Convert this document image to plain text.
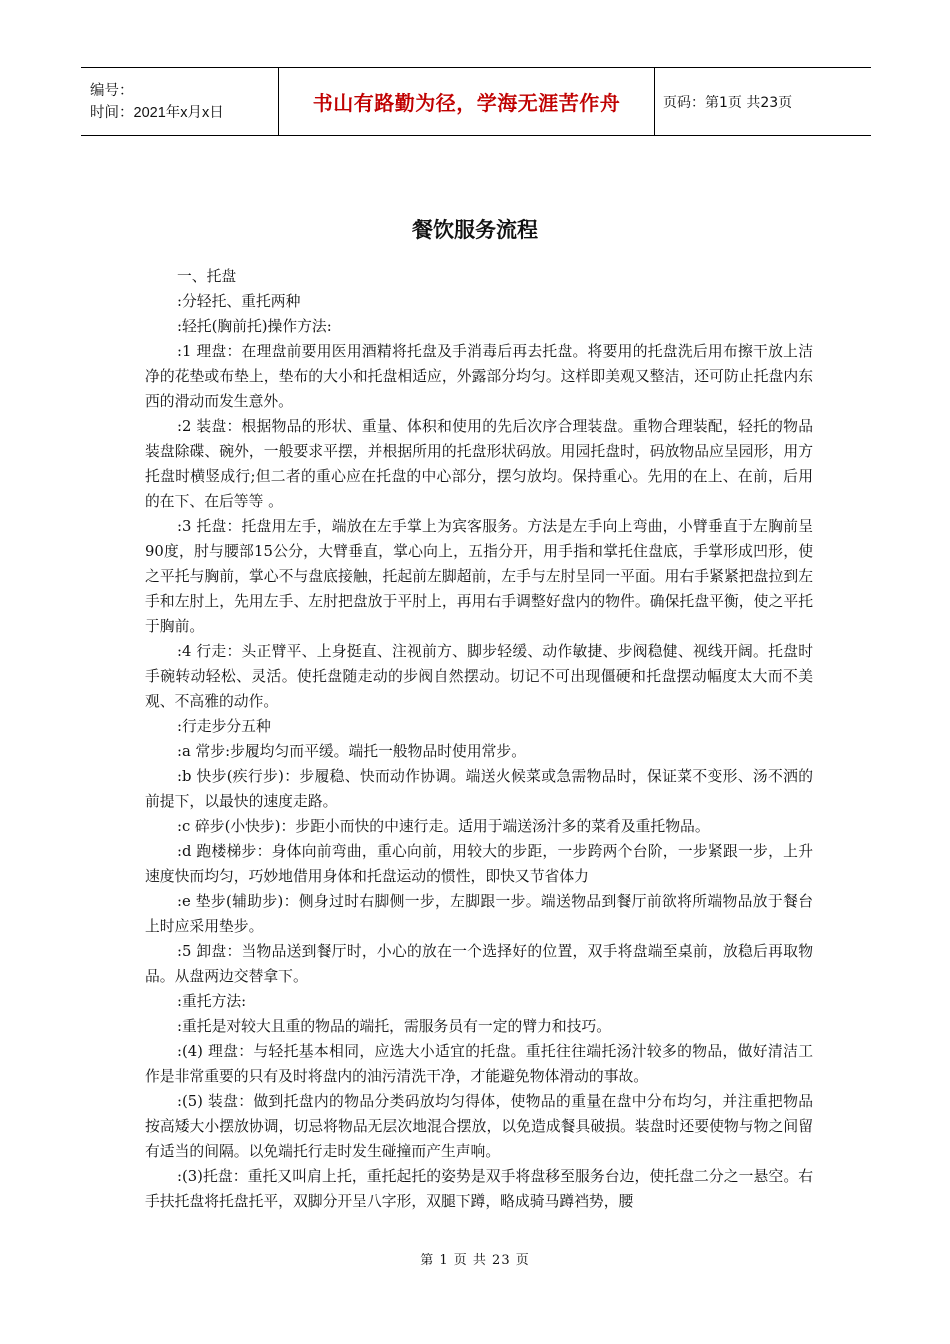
编号：
时间：2021年x月x日	书山有路勤为径，学海无涯苦作舟	页码：第1页 共23页
餐饮服务流程

一、托盘

:分轻托、重托两种

:轻托(胸前托)操作方法:

:1 理盘：在理盘前要用医用酒精将托盘及手消毒后再去托盘。将要用的托盘洗后用布擦干放上洁净的花垫或布垫上，垫布的大小和托盘相适应，外露部分均匀。这样即美观又整洁，还可防止托盘内东西的滑动而发生意外。

:2 装盘：根据物品的形状、重量、体积和使用的先后次序合理装盘。重物合理装配，轻托的物品装盘除碟、碗外，一般要求平摆，并根据所用的托盘形状码放。用园托盘时，码放物品应呈园形，用方托盘时横竖成行;但二者的重心应在托盘的中心部分，摆匀放均。保持重心。先用的在上、在前，后用的在下、在后等等 。

:3 托盘：托盘用左手，端放在左手掌上为宾客服务。方法是左手向上弯曲，小臂垂直于左胸前呈90度，肘与腰部15公分，大臂垂直，掌心向上，五指分开，用手指和掌托住盘底，手掌形成凹形，使之平托与胸前，掌心不与盘底接触，托起前左脚超前，左手与左肘呈同一平面。用右手紧紧把盘拉到左手和左肘上，先用左手、左肘把盘放于平肘上，再用右手调整好盘内的物件。确保托盘平衡，使之平托于胸前。

:4 行走：头正臂平、上身挺直、注视前方、脚步轻缓、动作敏捷、步阀稳健、视线开阔。托盘时手碗转动轻松、灵活。使托盘随走动的步阀自然摆动。切记不可出现僵硬和托盘摆动幅度太大而不美观、不高雅的动作。

:行走步分五种

:a 常步:步履均匀而平缓。端托一般物品时使用常步。

:b 快步(疾行步)：步履稳、快而动作协调。端送火候菜或急需物品时，保证菜不变形、汤不洒的前提下，以最快的速度走路。

:c 碎步(小快步)：步距小而快的中速行走。适用于端送汤汁多的菜肴及重托物品。

:d 跑楼梯步：身体向前弯曲，重心向前，用较大的步距，一步跨两个台阶，一步紧跟一步，上升速度快而均匀，巧妙地借用身体和托盘运动的惯性，即快又节省体力

:e 垫步(辅助步)：侧身过时右脚侧一步，左脚跟一步。端送物品到餐厅前欲将所端物品放于餐台上时应采用垫步。

:5 卸盘：当物品送到餐厅时，小心的放在一个选择好的位置，双手将盘端至桌前，放稳后再取物品。从盘两边交替拿下。

:重托方法:

:重托是对较大且重的物品的端托，需服务员有一定的臂力和技巧。

:(4) 理盘：与轻托基本相同，应选大小适宜的托盘。重托往往端托汤汁较多的物品，做好清洁工作是非常重要的只有及时将盘内的油污清洗干净，才能避免物体滑动的事故。

:(5) 装盘：做到托盘内的物品分类码放均匀得体，使物品的重量在盘中分布均匀，并注重把物品按高矮大小摆放协调，切忌将物品无层次地混合摆放，以免造成餐具破损。装盘时还要使物与物之间留有适当的间隔。以免端托行走时发生碰撞而产生声响。

:(3)托盘：重托又叫肩上托，重托起托的姿势是双手将盘移至服务台边，使托盘二分之一悬空。右手扶托盘将托盘托平，双脚分开呈八字形，双腿下蹲，略成骑马蹲裆势，腰

第 1 页 共 23 页
